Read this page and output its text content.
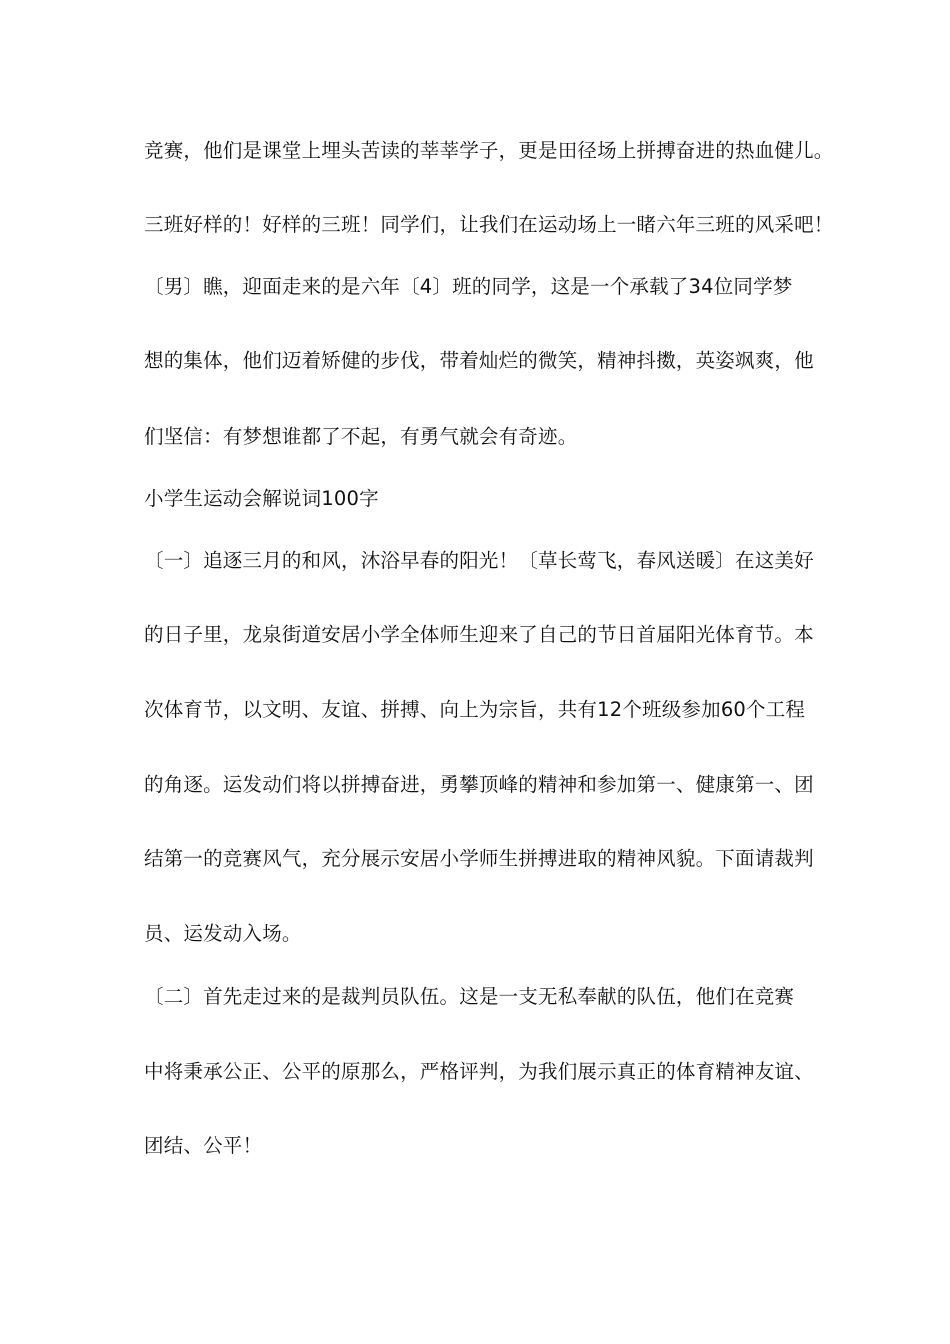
竞赛，他们是课堂上埋头苦读的莘莘学子，更是田径场上拼搏奋进的热血健儿。
三班好样的！好样的三班！同学们，让我们在运动场上一睹六年三班的风采吧！
〔男〕瞧，迎面走来的是六年〔4〕班的同学，这是一个承载了34位同学梦
想的集体，他们迈着矫健的步伐，带着灿烂的微笑，精神抖擞，英姿飒爽，他
们坚信：有梦想谁都了不起，有勇气就会有奇迹。
小学生运动会解说词100字
〔一〕追逐三月的和风，沐浴早春的阳光！〔草长莺飞，春风送暖〕在这美好
的日子里，龙泉街道安居小学全体师生迎来了自己的节日首届阳光体育节。本
次体育节，以文明、友谊、拼搏、向上为宗旨，共有12个班级参加60个工程
的角逐。运发动们将以拼搏奋进，勇攀顶峰的精神和参加第一、健康第一、团
结第一的竞赛风气，充分展示安居小学师生拼搏进取的精神风貌。下面请裁判
员、运发动入场。
〔二〕首先走过来的是裁判员队伍。这是一支无私奉献的队伍，他们在竞赛
中将秉承公正、公平的原那么，严格评判，为我们展示真正的体育精神友谊、
团结、公平！
